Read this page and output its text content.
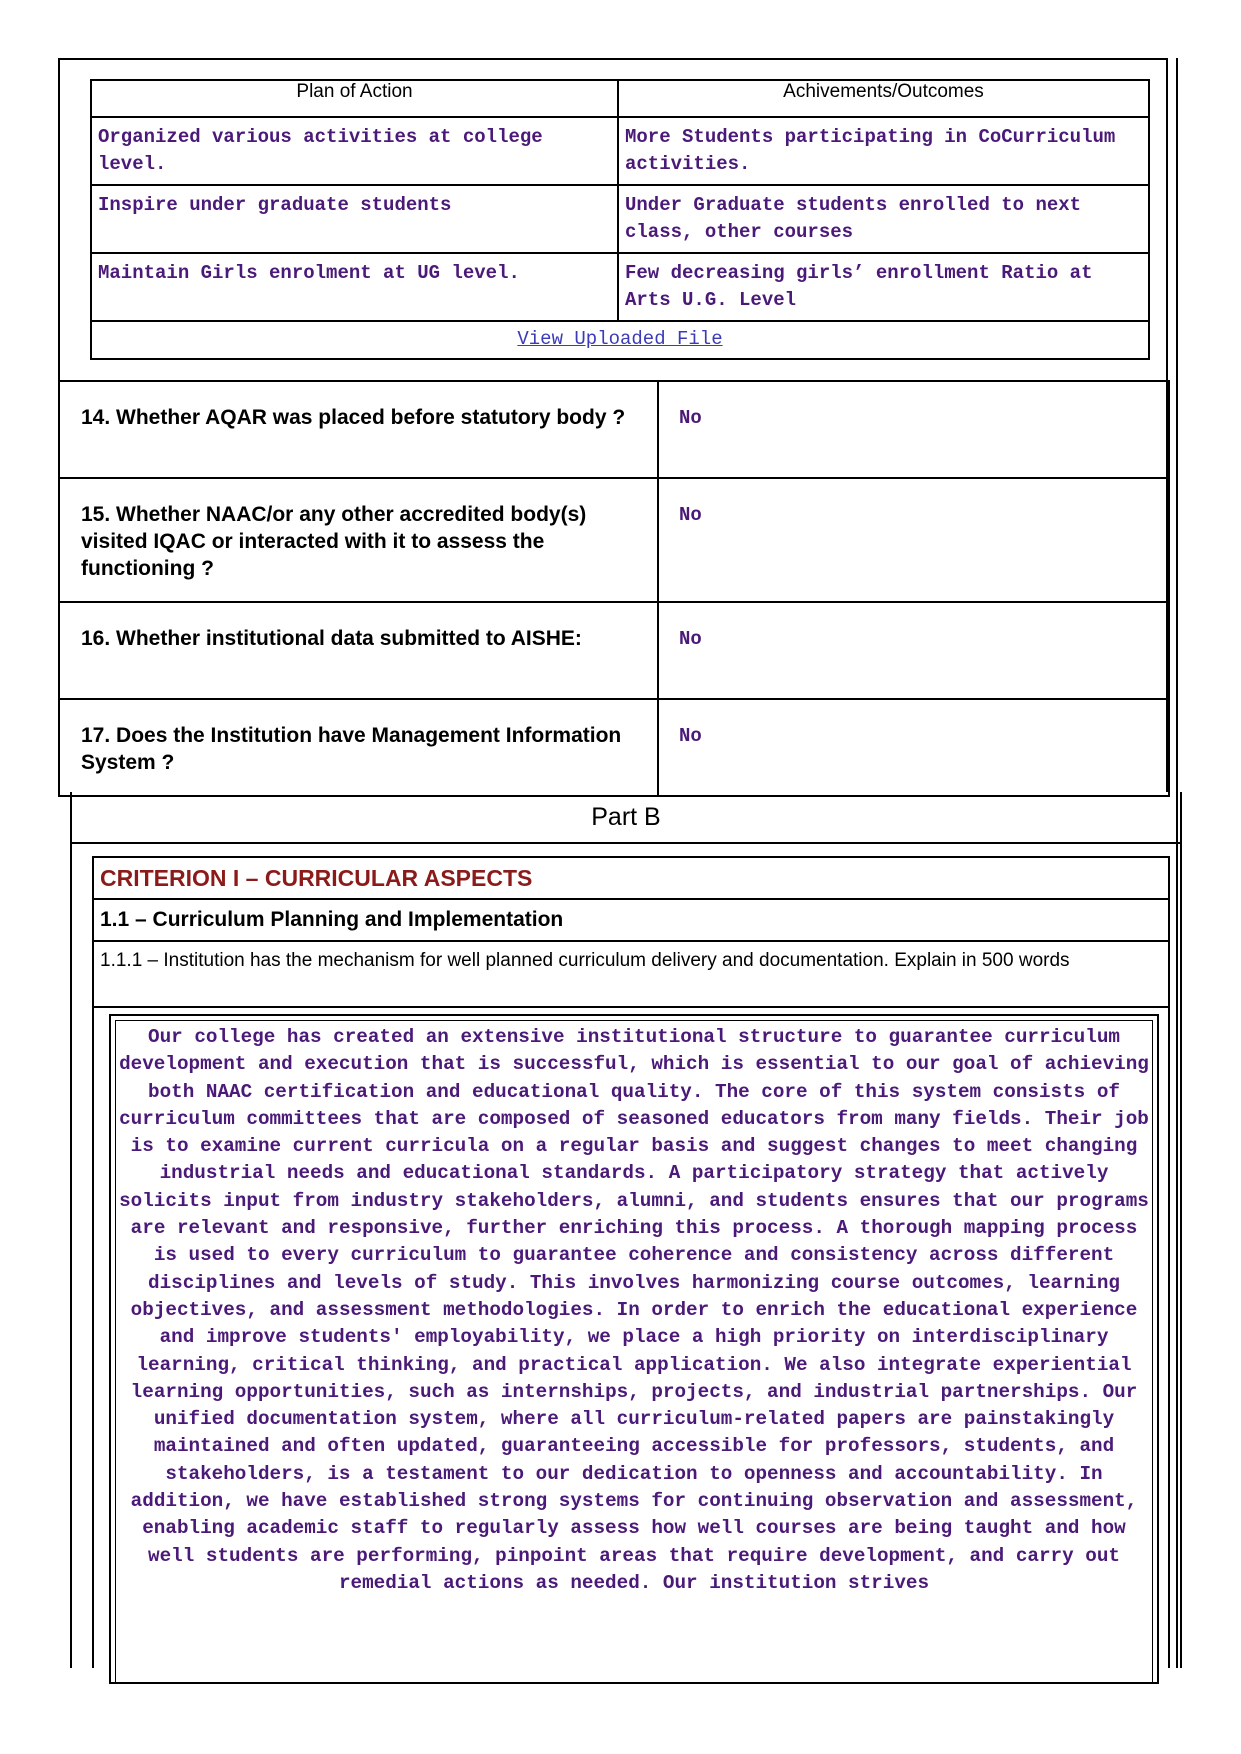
Plan of Action	Achivements/Outcomes
Organized various activities at college level.	More Students participating in CoCurriculum activities.
Inspire under graduate students	Under Graduate students enrolled to next class, other courses
Maintain Girls enrolment at UG level.	Few decreasing girls’ enrollment Ratio at Arts U.G. Level
View Uploaded File	
14. Whether AQAR was placed before statutory body ?	No
15. Whether NAAC/or any other accredited body(s) visited IQAC or interacted with it to assess the functioning ?	No
16. Whether institutional data submitted to AISHE:	No
17. Does the Institution have Management Information System ?	No
Part B
CRITERION I – CURRICULAR ASPECTS
1.1 – Curriculum Planning and Implementation
1.1.1 – Institution has the mechanism for well planned curriculum delivery and documentation. Explain in 500 words
Our college has created an extensive institutional structure to guarantee curriculum development and execution that is successful, which is essential to our goal of achieving both NAAC certification and educational quality. The core of this system consists of curriculum committees that are composed of seasoned educators from many fields. Their job is to examine current curricula on a regular basis and suggest changes to meet changing industrial needs and educational standards. A participatory strategy that actively solicits input from industry stakeholders, alumni, and students ensures that our programs are relevant and responsive, further enriching this process. A thorough mapping process is used to every curriculum to guarantee coherence and consistency across different disciplines and levels of study. This involves harmonizing course outcomes, learning objectives, and assessment methodologies. In order to enrich the educational experience and improve students' employability, we place a high priority on interdisciplinary learning, critical thinking, and practical application. We also integrate experiential learning opportunities, such as internships, projects, and industrial partnerships. Our unified documentation system, where all curriculum-related papers are painstakingly maintained and often updated, guaranteeing accessible for professors, students, and stakeholders, is a testament to our dedication to openness and accountability. In addition, we have established strong systems for continuing observation and assessment, enabling academic staff to regularly assess how well courses are being taught and how well students are performing, pinpoint areas that require development, and carry out remedial actions as needed. Our institution strives
